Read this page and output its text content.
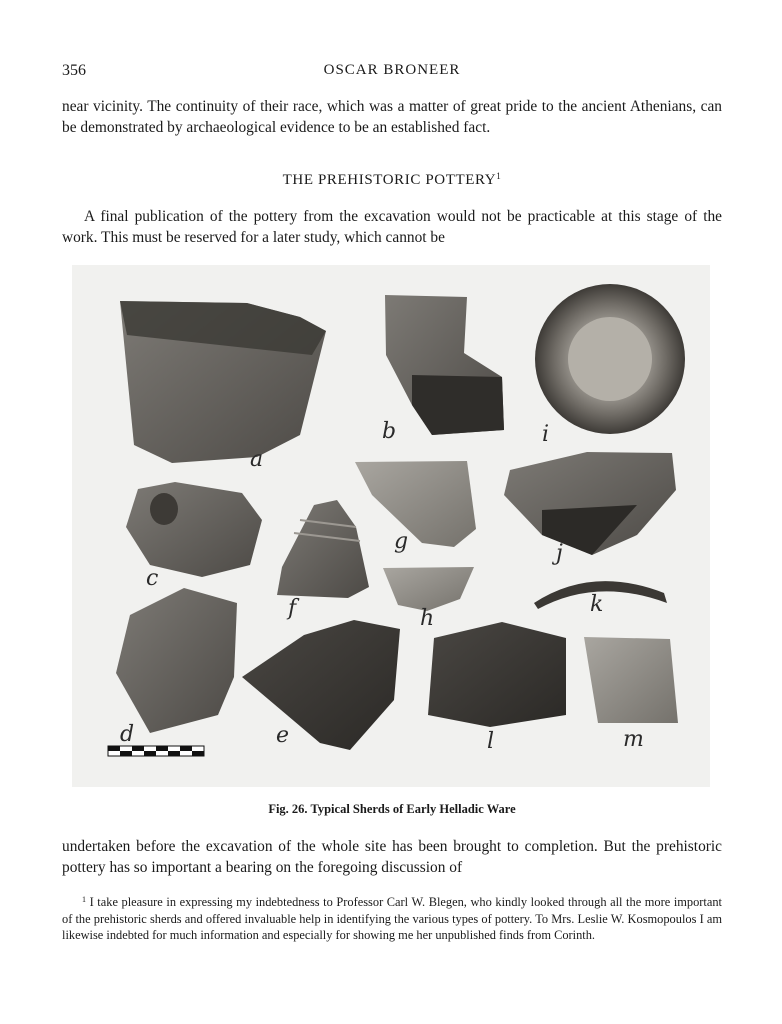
356	OSCAR BRONEER

near vicinity. The continuity of their race, which was a matter of great pride to the ancient Athenians, can be demonstrated by archaeological evidence to be an established fact.

THE PREHISTORIC POTTERY$^1$

A final publication of the pottery from the excavation would not be practicable at this stage of the work. This must be reserved for a later study, which cannot be

a
b	i
c
f
g
h
j
k
d	e	l	m
Fig. 26. Typical Sherds of Early Helladic Ware

undertaken before the excavation of the whole site has been brought to completion. But the prehistoric pottery has so important a bearing on the foregoing discussion of

$^1$ I take pleasure in expressing my indebtedness to Professor Carl W. Blegen, who kindly looked through all the more important of the prehistoric sherds and offered invaluable help in identifying the various types of pottery. To Mrs. Leslie W. Kosmopoulos I am likewise indebted for much information and especially for showing me her unpublished finds from Corinth.
